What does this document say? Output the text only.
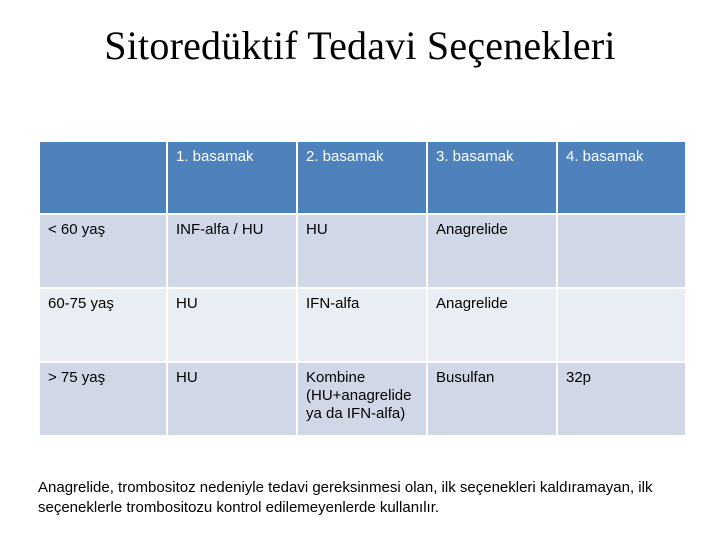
Sitoredüktif Tedavi Seçenekleri
	1. basamak	2. basamak	3. basamak	4. basamak
< 60 yaş	INF-alfa / HU	HU	Anagrelide	
60-75 yaş	HU	IFN-alfa	Anagrelide	
> 75 yaş	HU	Kombine (HU+anagrelide ya da IFN-alfa)	Busulfan	32p
Anagrelide, trombositoz nedeniyle tedavi gereksinmesi olan, ilk seçenekleri kaldıramayan, ilk seçeneklerle trombositozu kontrol edilemeyenlerde kullanılır.
